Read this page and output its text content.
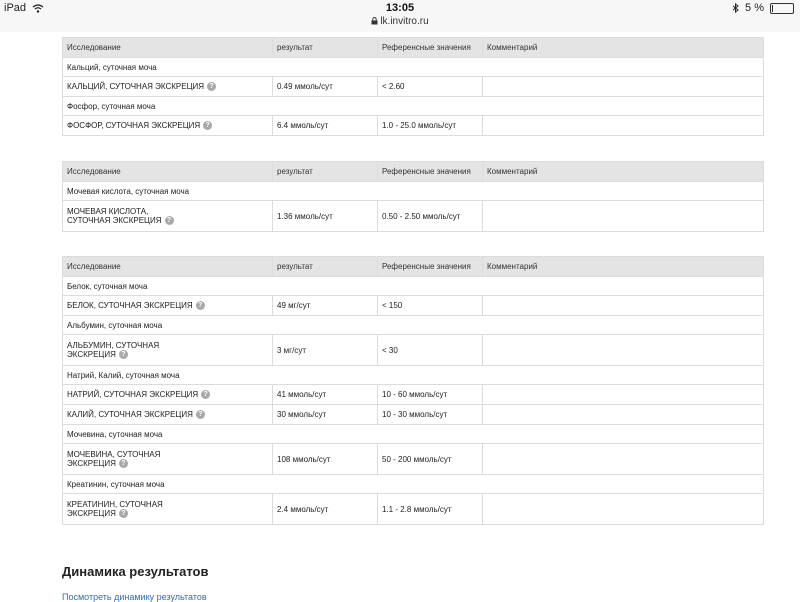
iPad	13:05	5 %
lk.invitro.ru
Исследование	результат	Референсные значения	Комментарий
Кальций, суточная моча			
КАЛЬЦИЙ, СУТОЧНАЯ ЭКСКРЕЦИЯ ?	0.49 ммоль/сут	< 2.60	
Фосфор, суточная моча			
ФОСФОР, СУТОЧНАЯ ЭКСКРЕЦИЯ ?	6.4 ммоль/сут	1.0 - 25.0 ммоль/сут	
Исследование	результат	Референсные значения	Комментарий
Мочевая кислота, суточная моча			
МОЧЕВАЯ КИСЛОТА, СУТОЧНАЯ ЭКСКРЕЦИЯ ?	1.36 ммоль/сут	0.50 - 2.50 ммоль/сут	
Исследование	результат	Референсные значения	Комментарий
Белок, суточная моча			
БЕЛОК, СУТОЧНАЯ ЭКСКРЕЦИЯ ?	49 мг/сут	< 150	
Альбумин, суточная моча			
АЛЬБУМИН, СУТОЧНАЯ ЭКСКРЕЦИЯ ?	3 мг/сут	< 30	
Натрий, Калий, суточная моча			
НАТРИЙ, СУТОЧНАЯ ЭКСКРЕЦИЯ ?	41 ммоль/сут	10 - 60 ммоль/сут	
КАЛИЙ, СУТОЧНАЯ ЭКСКРЕЦИЯ ?	30 ммоль/сут	10 - 30 ммоль/сут	
Мочевина, суточная моча			
МОЧЕВИНА, СУТОЧНАЯ ЭКСКРЕЦИЯ ?	108 ммоль/сут	50 - 200 ммоль/сут	
Креатинин, суточная моча			
КРЕАТИНИН, СУТОЧНАЯ ЭКСКРЕЦИЯ ?	2.4 ммоль/сут	1.1 - 2.8 ммоль/сут	
Динамика результатов
Посмотреть динамику результатов
